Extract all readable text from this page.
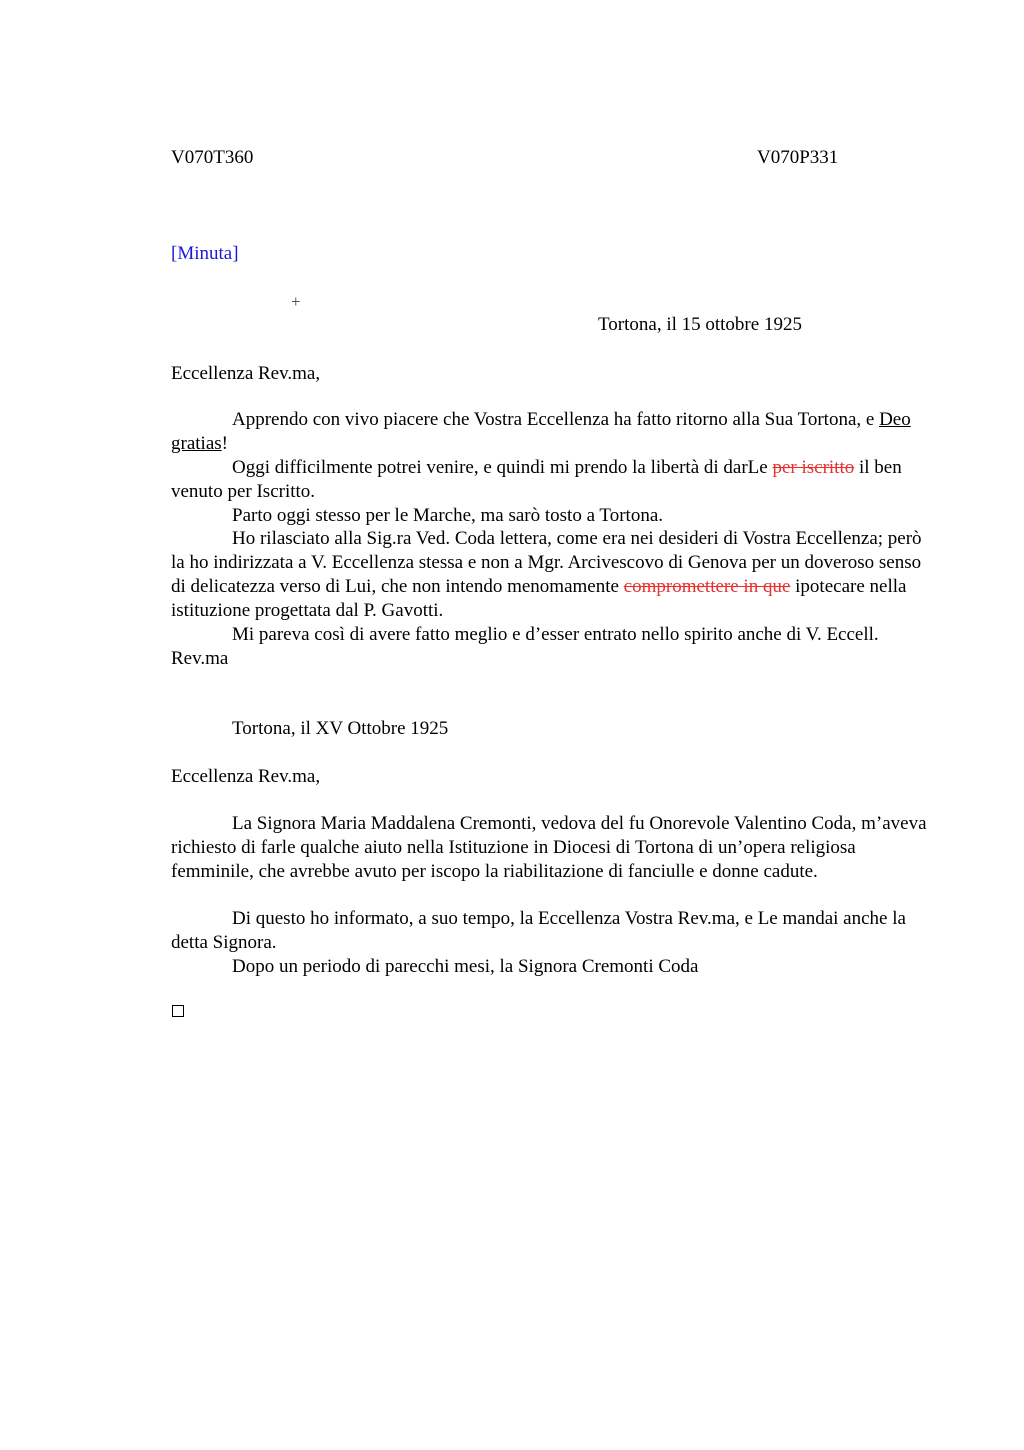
V070T360	V070P331
[Minuta]
+
Tortona, il 15 ottobre 1925
Eccellenza Rev.ma,
Apprendo con vivo piacere che Vostra Eccellenza ha fatto ritorno alla Sua Tortona, e Deo gratias!
Oggi difficilmente potrei venire, e quindi mi prendo la libertà di darLe per iscritto il ben venuto per Iscritto.
Parto oggi stesso per le Marche, ma sarò tosto a Tortona.
Ho rilasciato alla Sig.ra Ved. Coda lettera, come era nei desideri di Vostra Eccellenza; però la ho indirizzata a V. Eccellenza stessa e non a Mgr. Arcivescovo di Genova per un doveroso senso di delicatezza verso di Lui, che non intendo menomamente compromettere in que ipotecare nella istituzione progettata dal P. Gavotti.
Mi pareva così di avere fatto meglio e d’esser entrato nello spirito anche di V. Eccell. Rev.ma
Tortona, il XV Ottobre 1925
Eccellenza Rev.ma,
La Signora Maria Maddalena Cremonti, vedova del fu Onorevole Valentino Coda, m’aveva richiesto di farle qualche aiuto nella Istituzione in Diocesi di Tortona di un’opera religiosa femminile, che avrebbe avuto per iscopo la riabilitazione di fanciulle e donne cadute.
Di questo ho informato, a suo tempo, la Eccellenza Vostra Rev.ma, e Le mandai anche la detta Signora.
Dopo un periodo di parecchi mesi, la Signora Cremonti Coda
